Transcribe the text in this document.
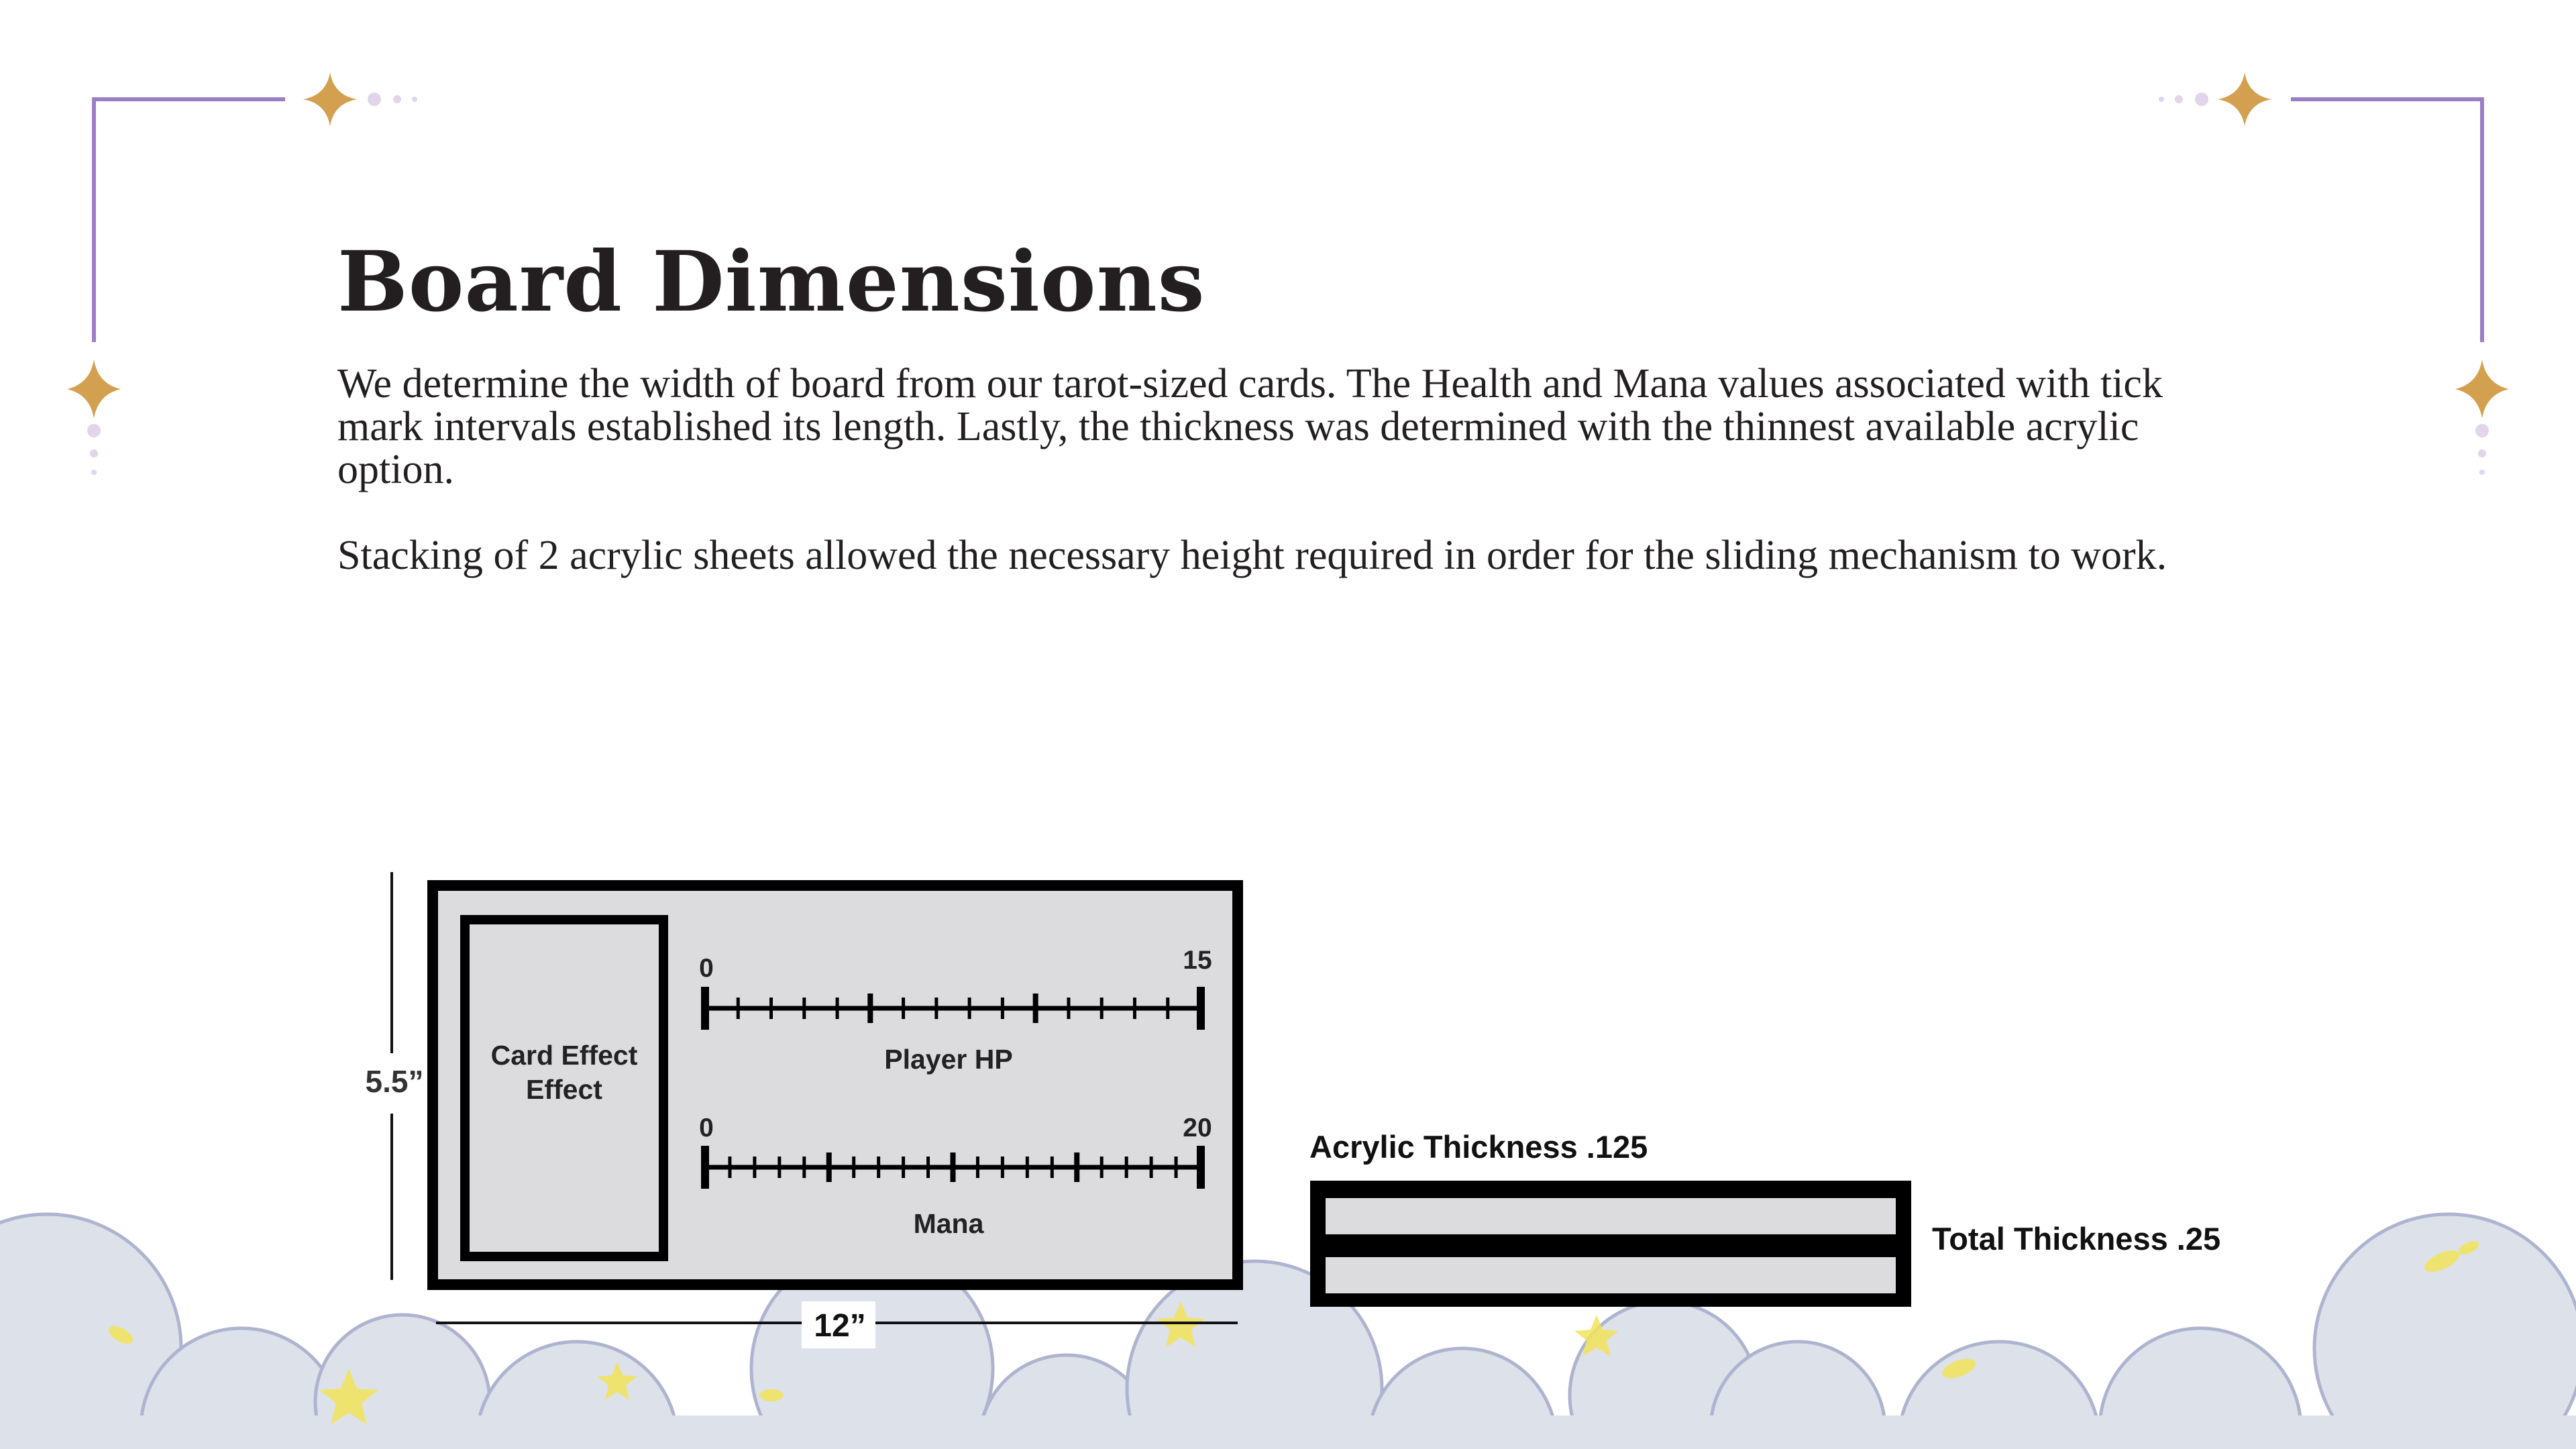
Board Dimensions

We determine the width of board from our tarot-sized cards. The Health and Mana values associated with tick mark intervals established its length. Lastly, the thickness was determined with the thinnest available acrylic option.

Stacking of 2 acrylic sheets allowed the necessary height required in order for the sliding mechanism to work.

5.5”
Card Effect
Effect
0	15
Player HP
0	20
Mana
12”
Acrylic Thickness .125
Total Thickness .25
